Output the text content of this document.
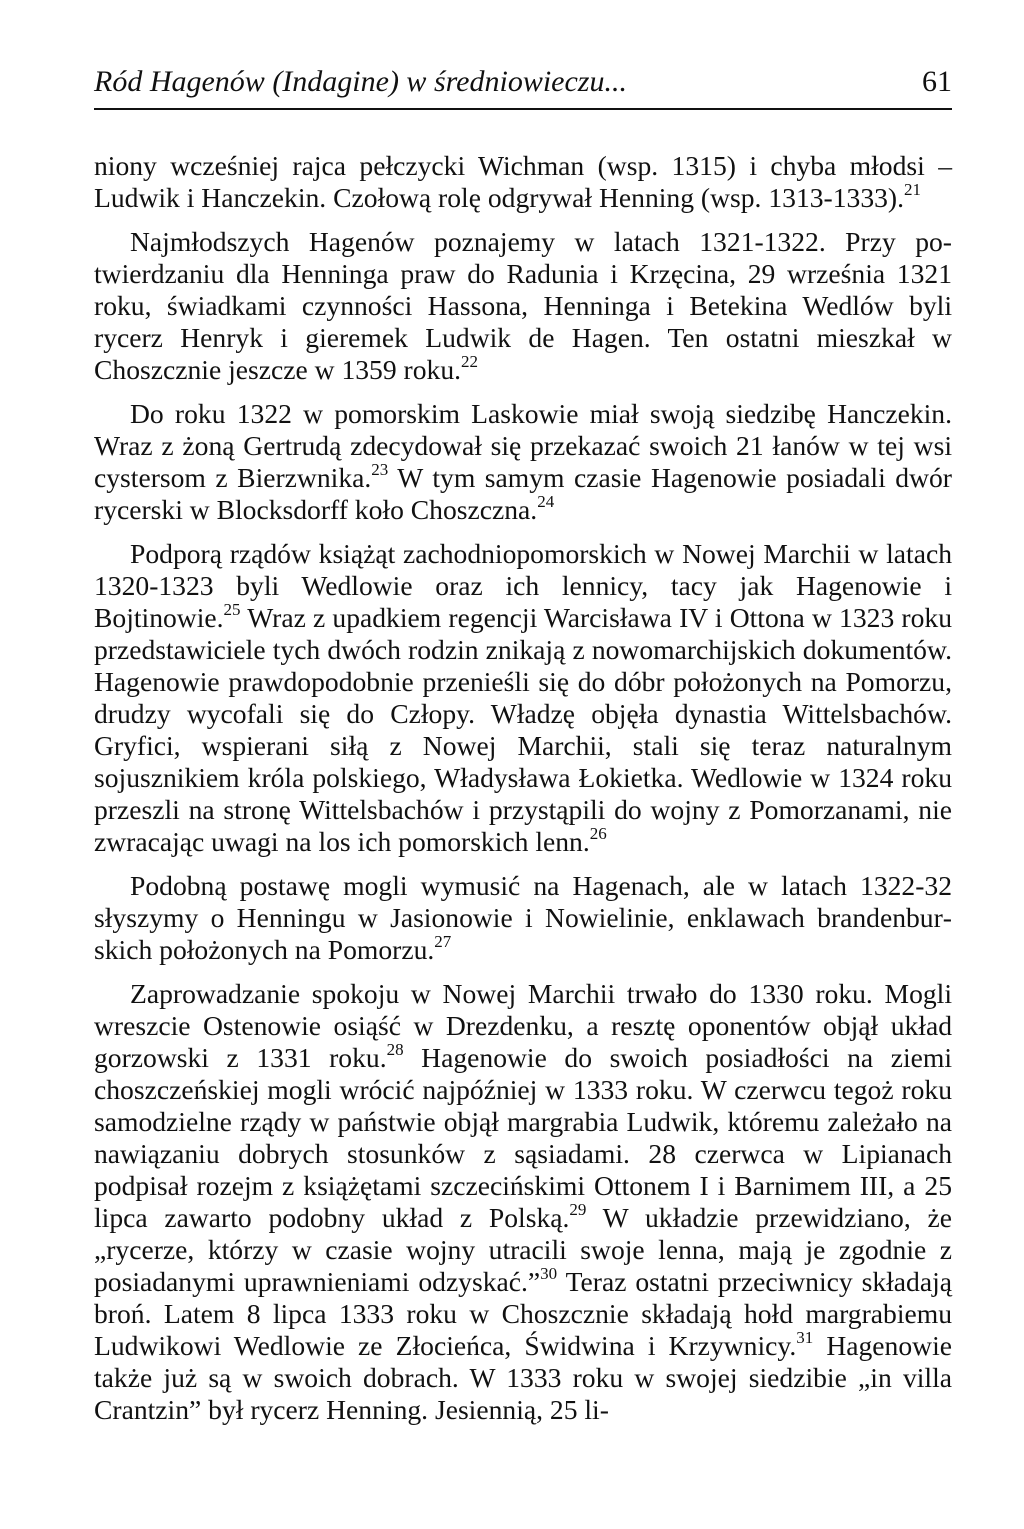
Ród Hagenów (Indagine) w średniowieczu...	61

niony wcześniej rajca pełczycki Wichman (wsp. 1315) i chyba młodsi – Ludwik i Hanczekin. Czołową rolę odgrywał Henning (wsp. 1313-1333).$^{21}$

Najmłodszych Hagenów poznajemy w latach 1321-1322. Przy potwierdzaniu dla Henninga praw do Radunia i Krzęcina, 29 września 1321 roku, świadkami czynności Hassona, Henninga i Betekina Wedlów byli rycerz Henryk i gieremek Ludwik de Hagen. Ten ostatni mieszkał w Choszcznie jeszcze w 1359 roku.$^{22}$

Do roku 1322 w pomorskim Laskowie miał swoją siedzibę Hanczekin. Wraz z żoną Gertrudą zdecydował się przekazać swoich 21 łanów w tej wsi cystersom z Bierzwnika.$^{23}$ W tym samym czasie Hagenowie posiadali dwór rycerski w Blocksdorff koło Choszczna.$^{24}$

Podporą rządów książąt zachodniopomorskich w Nowej Marchii w latach 1320-1323 byli Wedlowie oraz ich lennicy, tacy jak Hagenowie i Bojtinowie.$^{25}$ Wraz z upadkiem regencji Warcisława IV i Ottona w 1323 roku przedstawiciele tych dwóch rodzin znikają z nowomarchijskich dokumentów. Hagenowie prawdopodobnie przenieśli się do dóbr położonych na Pomorzu, drudzy wycofali się do Człopy. Władzę objęła dynastia Wittelsbachów. Gryfici, wspierani siłą z Nowej Marchii, stali się teraz naturalnym sojusznikiem króla polskiego, Władysława Łokietka. Wedlowie w 1324 roku przeszli na stronę Wittelsbachów i przystąpili do wojny z Pomorzanami, nie zwracając uwagi na los ich pomorskich lenn.$^{26}$

Podobną postawę mogli wymusić na Hagenach, ale w latach 1322-32 słyszymy o Henningu w Jasionowie i Nowielinie, enklawach brandenburskich położonych na Pomorzu.$^{27}$

Zaprowadzanie spokoju w Nowej Marchii trwało do 1330 roku. Mogli wreszcie Ostenowie osiąść w Drezdenku, a resztę oponentów objął układ gorzowski z 1331 roku.$^{28}$ Hagenowie do swoich posiadłości na ziemi choszczeńskiej mogli wrócić najpóźniej w 1333 roku. W czerwcu tegoż roku samodzielne rządy w państwie objął margrabia Ludwik, któremu zależało na nawiązaniu dobrych stosunków z sąsiadami. 28 czerwca w Lipianach podpisał rozejm z książętami szczecińskimi Ottonem I i Barnimem III, a 25 lipca zawarto podobny układ z Polską.$^{29}$ W układzie przewidziano, że „rycerze, którzy w czasie wojny utracili swoje lenna, mają je zgodnie z posiadanymi uprawnieniami odzyskać.”$^{30}$ Teraz ostatni przeciwnicy składają broń. Latem 8 lipca 1333 roku w Choszcznie składają hołd margrabiemu Ludwikowi Wedlowie ze Złocieńca, Świdwina i Krzywnicy.$^{31}$ Hagenowie także już są w swoich dobrach. W 1333 roku w swojej siedzibie „in villa Crantzin” był rycerz Henning. Jesiennią, 25 li-
